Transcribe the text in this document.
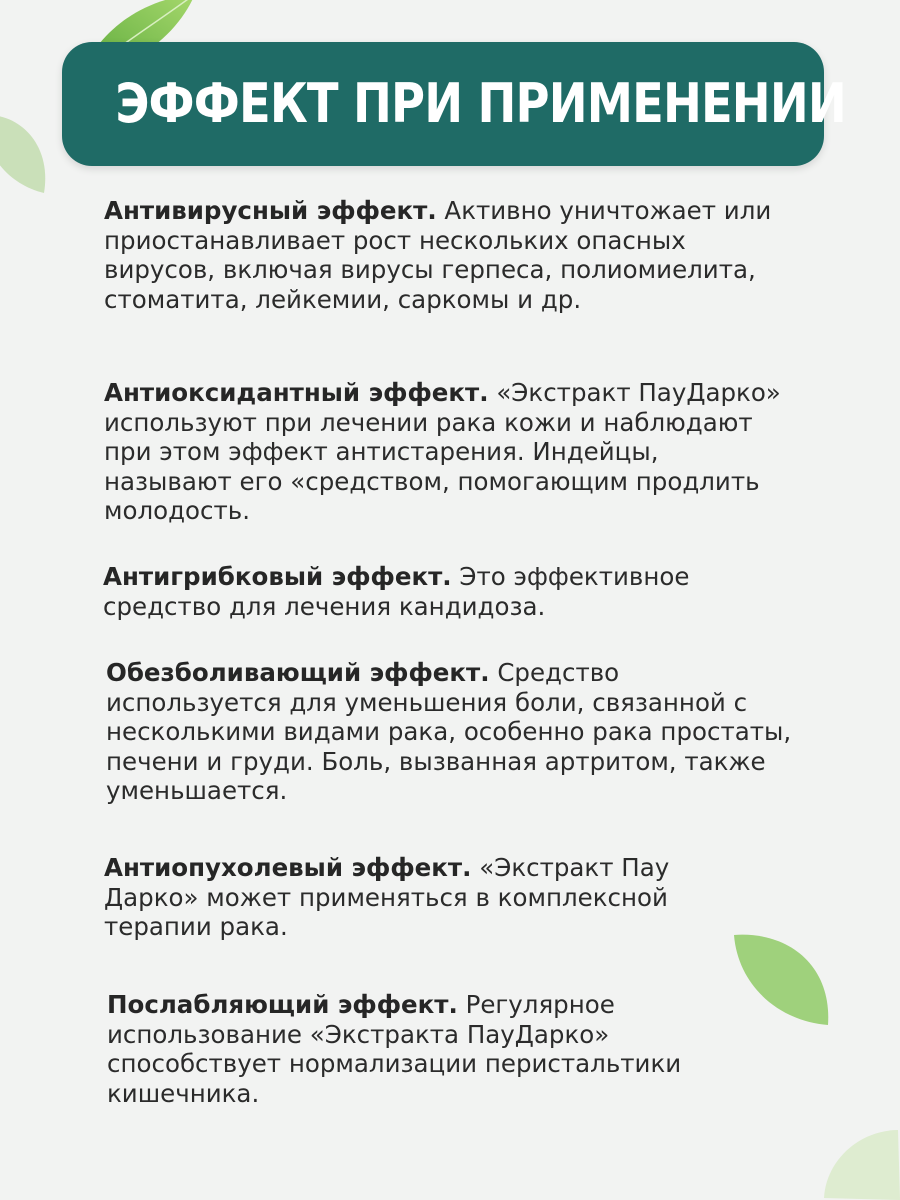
ЭФФЕКТ ПРИ ПРИМЕНЕНИИ

Антивирусный эффект. Активно уничтожает или приостанавливает рост нескольких опасных вирусов, включая вирусы герпеса, полиомиелита, стоматита, лейкемии, саркомы и др.

Антиоксидантный эффект. «Экстракт ПауДарко» используют при лечении рака кожи и наблюдают при этом эффект антистарения. Индейцы, называют его «средством, помогающим продлить молодость.

Антигрибковый эффект. Это эффективное средство для лечения кандидоза.

Обезболивающий эффект. Средство используется для уменьшения боли, связанной с несколькими видами рака, особенно рака простаты, печени и груди. Боль, вызванная артритом, также уменьшается.

Антиопухолевый эффект. «Экстракт Пау Дарко» может применяться в комплексной терапии рака.

Послабляющий эффект. Регулярное использование «Экстракта ПауДарко» способствует нормализации перистальтики кишечника.
